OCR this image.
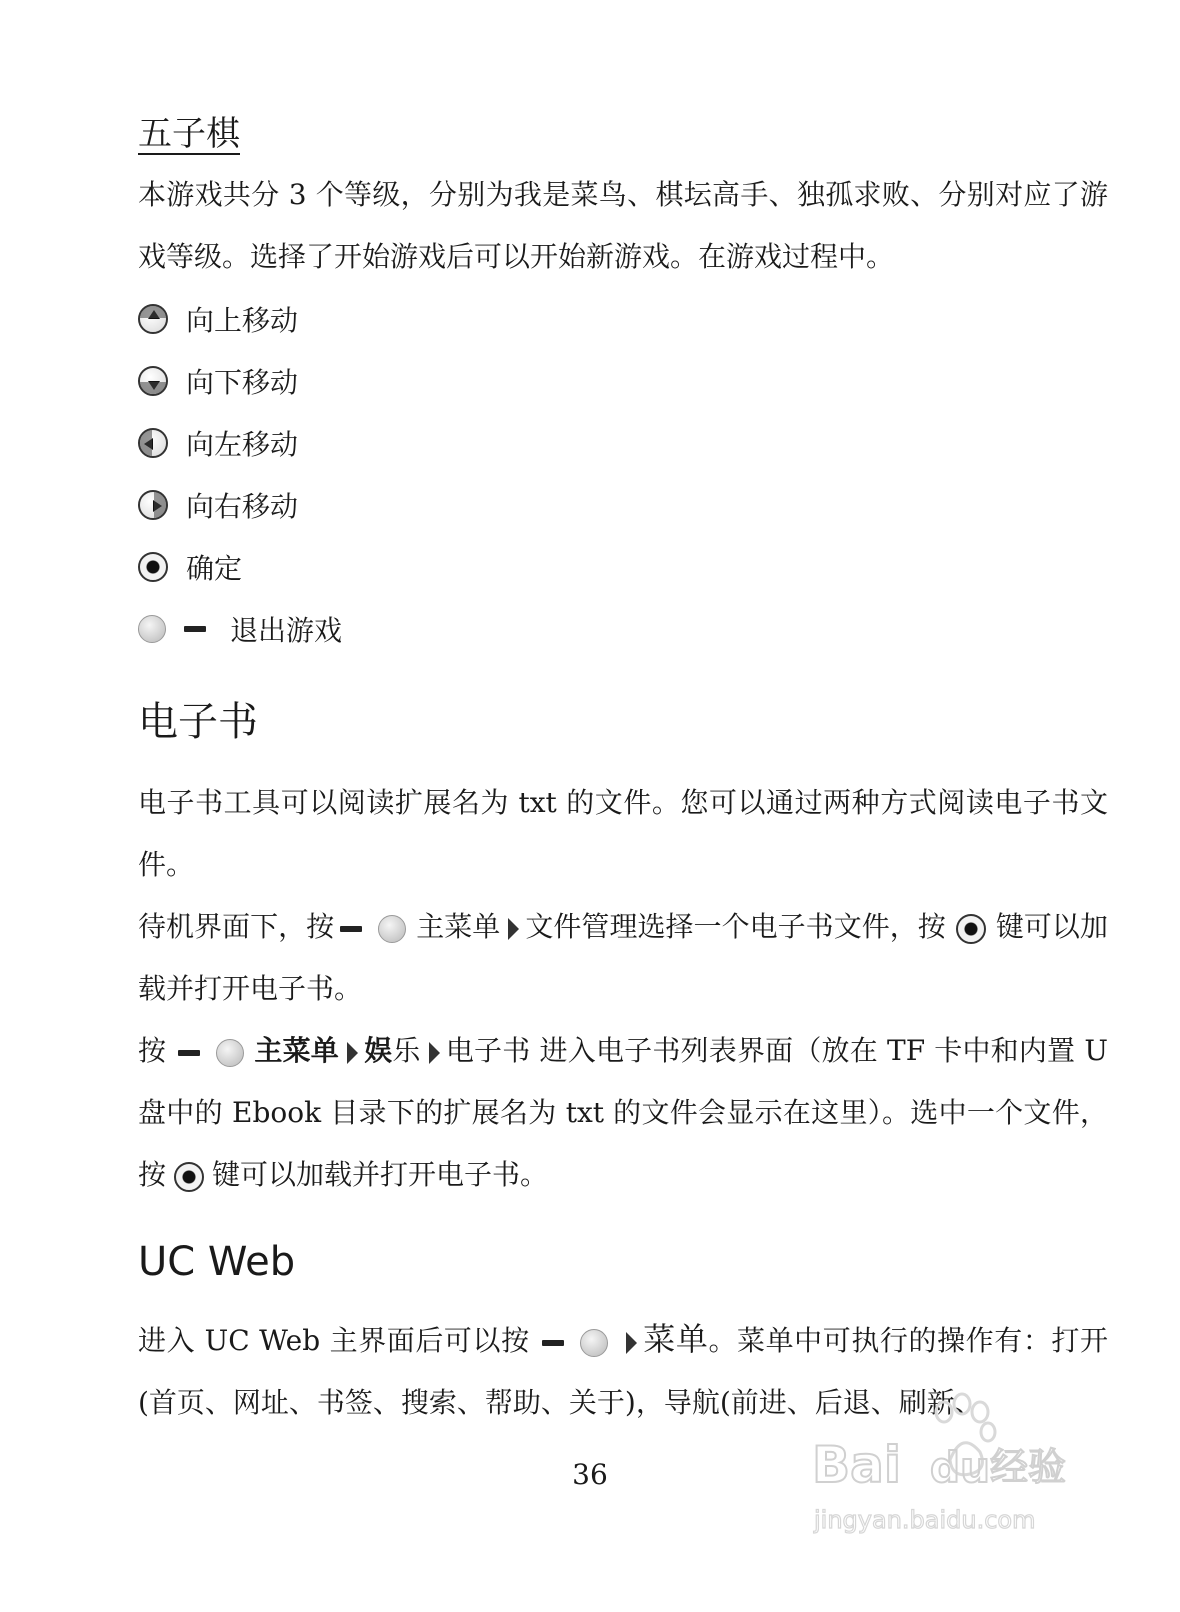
五子棋

本游戏共分 3 个等级，分别为我是菜鸟、棋坛高手、独孤求败、分别对应了游戏等级。选择了开始游戏后可以开始新游戏。在游戏过程中。

向上移动
向下移动
向左移动
向右移动
确定
退出游戏
电子书

电子书工具可以阅读扩展名为 txt 的文件。您可以通过两种方式阅读电子书文件。

待机界面下，按	主菜单 文件管理选择一个电子书文件，按 键可以加载并打开电子书。

按	主菜单 娱乐 电子书 进入电子书列表界面（放在 TF 卡中和内置 U 盘中的 Ebook 目录下的扩展名为 txt 的文件会显示在这里）。选中一个文件，按 键可以加载并打开电子书。

UC Web

进入 UC Web 主界面后可以按	菜单。菜单中可执行的操作有：打开(首页、网址、书签、搜索、帮助、关于)，导航(前进、后退、刷新、

36	Bai du 经验
jingyan.baidu.com
